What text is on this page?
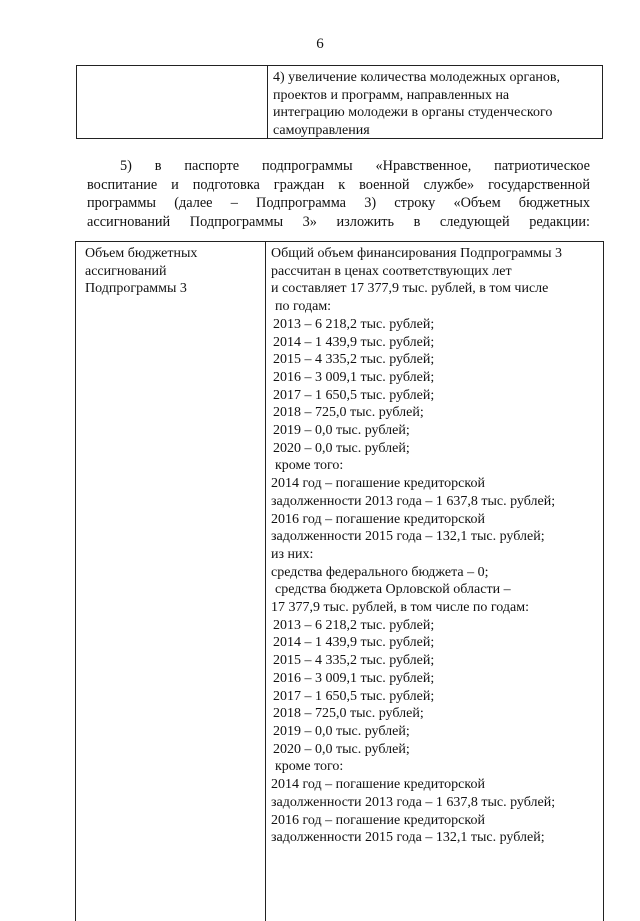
6
4) увеличение количества молодежных органов,
проектов и программ, направленных на
интеграцию молодежи в органы студенческого
самоуправления
5) в паспорте подпрограммы «Нравственное, патриотическое
воспитание и подготовка граждан к военной службе» государственной
программы (далее – Подпрограмма 3) строку «Объем бюджетных
ассигнований Подпрограммы 3» изложить в следующей редакции:
Объем бюджетных
ассигнований
Подпрограммы 3
Общий объем финансирования Подпрограммы 3
рассчитан в ценах соответствующих лет
и составляет 17 377,9 тыс. рублей, в том числе
по годам:
2013 – 6 218,2 тыс. рублей;
2014 – 1 439,9 тыс. рублей;
2015 – 4 335,2 тыс. рублей;
2016 – 3 009,1 тыс. рублей;
2017 – 1 650,5 тыс. рублей;
2018 – 725,0 тыс. рублей;
2019 – 0,0 тыс. рублей;
2020 – 0,0 тыс. рублей;
кроме того:
2014 год – погашение кредиторской
задолженности 2013 года – 1 637,8 тыс. рублей;
2016 год – погашение кредиторской
задолженности 2015 года – 132,1 тыс. рублей;
из них:
средства федерального бюджета – 0;
средства бюджета Орловской области –
17 377,9 тыс. рублей, в том числе по годам:
2013 – 6 218,2 тыс. рублей;
2014 – 1 439,9 тыс. рублей;
2015 – 4 335,2 тыс. рублей;
2016 – 3 009,1 тыс. рублей;
2017 – 1 650,5 тыс. рублей;
2018 – 725,0 тыс. рублей;
2019 – 0,0 тыс. рублей;
2020 – 0,0 тыс. рублей;
кроме того:
2014 год – погашение кредиторской
задолженности 2013 года – 1 637,8 тыс. рублей;
2016 год – погашение кредиторской
задолженности 2015 года – 132,1 тыс. рублей;
